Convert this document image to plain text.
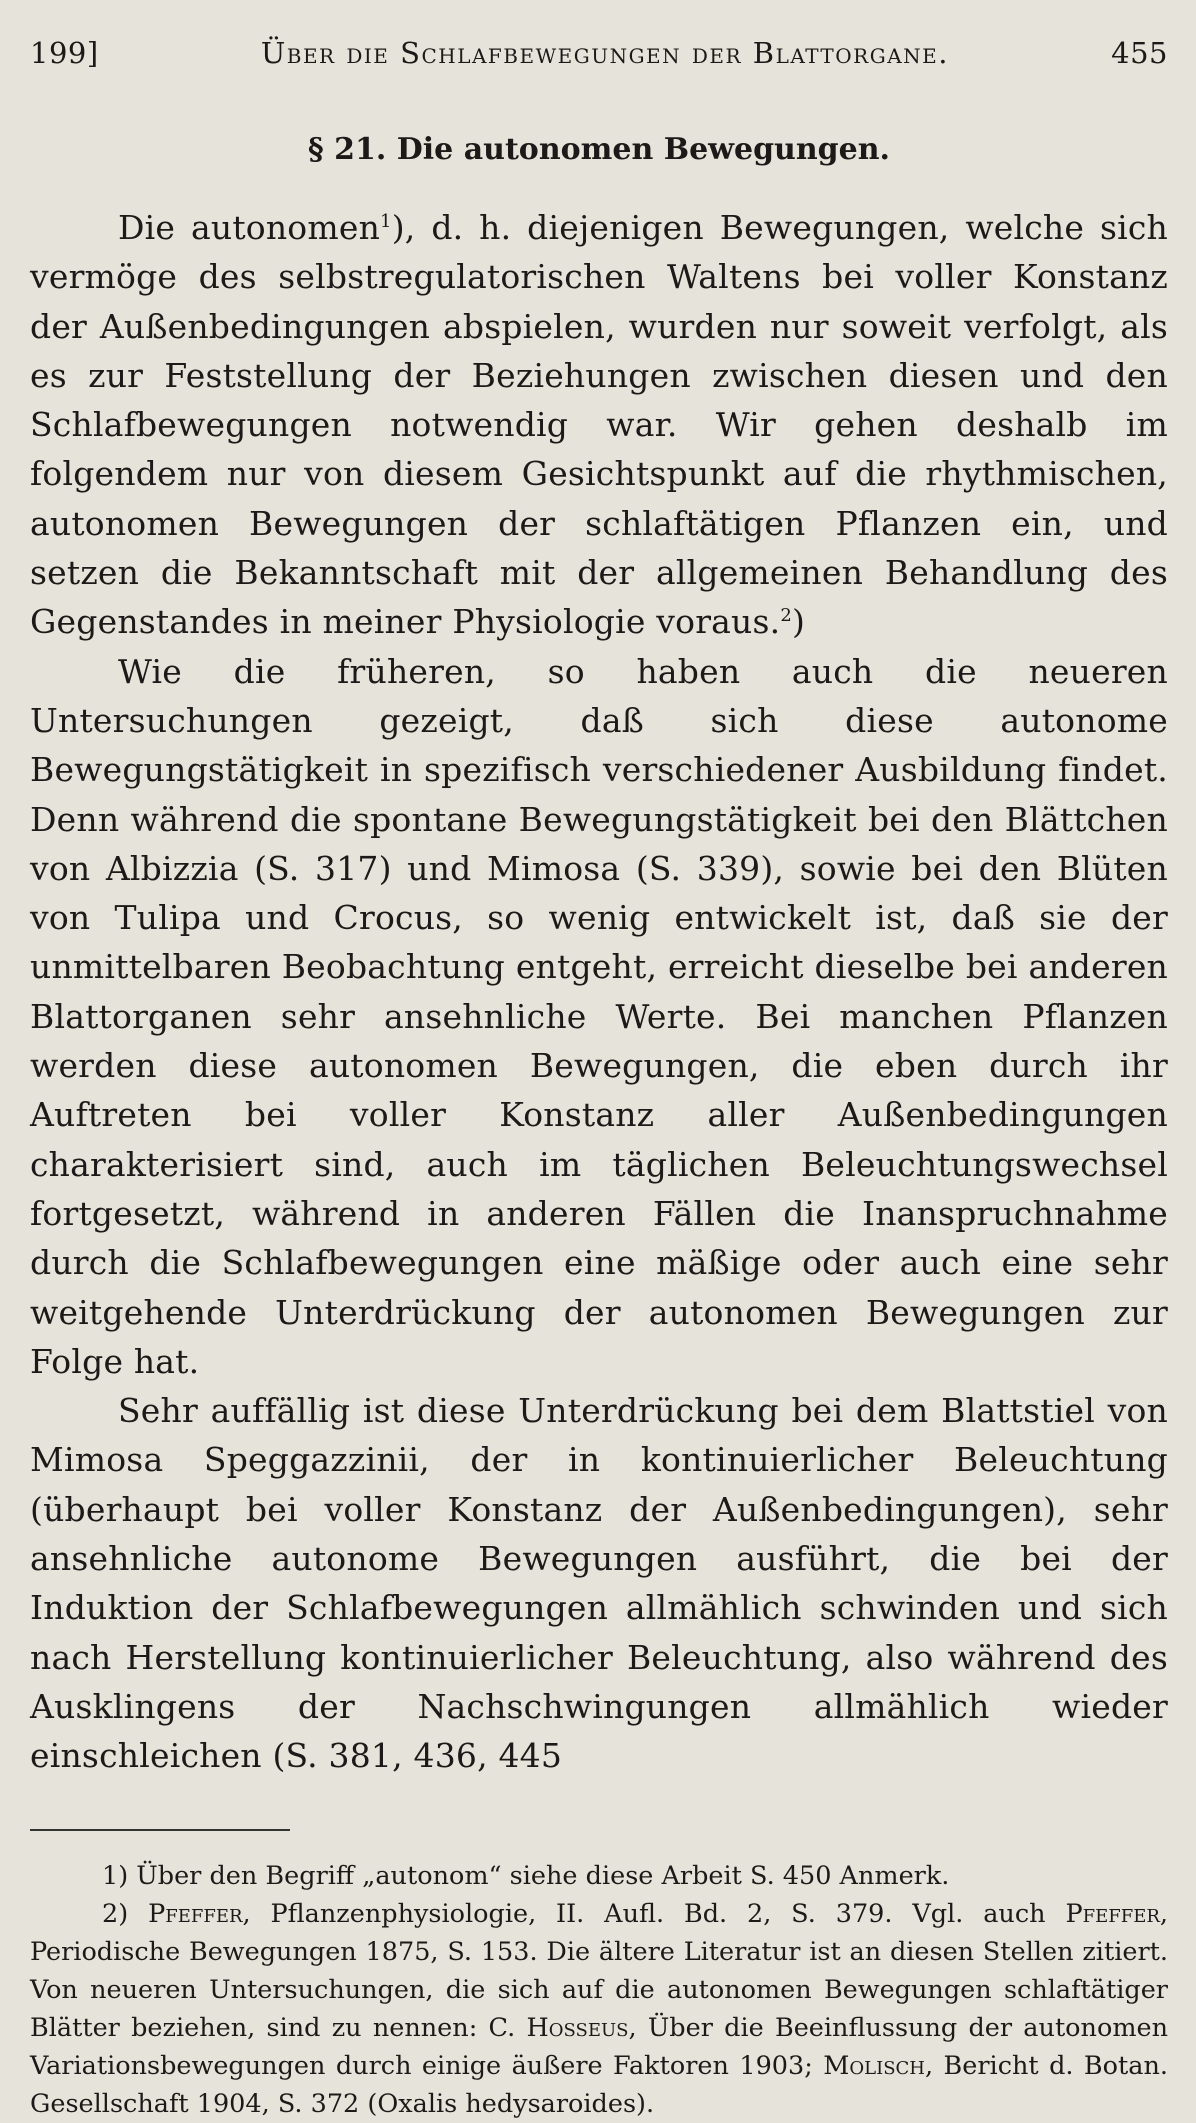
199]	Über die Schlafbewegungen der Blattorgane.	455
§ 21. Die autonomen Bewegungen.

Die autonomen$^1$), d. h. diejenigen Bewegungen, welche sich vermöge des selbstregulatorischen Waltens bei voller Konstanz der Außenbedingungen abspielen, wurden nur soweit verfolgt, als es zur Feststellung der Beziehungen zwischen diesen und den Schlafbewegungen notwendig war. Wir gehen deshalb im folgendem nur von diesem Gesichtspunkt auf die rhythmischen, autonomen Bewegungen der schlaftätigen Pflanzen ein, und setzen die Bekanntschaft mit der allgemeinen Behandlung des Gegenstandes in meiner Physiologie voraus.$^2$)

Wie die früheren, so haben auch die neueren Untersuchungen gezeigt, daß sich diese autonome Bewegungstätigkeit in spezifisch verschiedener Ausbildung findet. Denn während die spontane Bewegungstätigkeit bei den Blättchen von Albizzia (S. 317) und Mimosa (S. 339), sowie bei den Blüten von Tulipa und Crocus, so wenig entwickelt ist, daß sie der unmittelbaren Beobachtung entgeht, erreicht dieselbe bei anderen Blattorganen sehr ansehnliche Werte. Bei manchen Pflanzen werden diese autonomen Bewegungen, die eben durch ihr Auftreten bei voller Konstanz aller Außenbedingungen charakterisiert sind, auch im täglichen Beleuchtungswechsel fortgesetzt, während in anderen Fällen die Inanspruchnahme durch die Schlafbewegungen eine mäßige oder auch eine sehr weitgehende Unterdrückung der autonomen Bewegungen zur Folge hat.

Sehr auffällig ist diese Unterdrückung bei dem Blattstiel von Mimosa Speggazzinii, der in kontinuierlicher Beleuchtung (überhaupt bei voller Konstanz der Außenbedingungen), sehr ansehnliche autonome Bewegungen ausführt, die bei der Induktion der Schlafbewegungen allmählich schwinden und sich nach Herstellung kontinuierlicher Beleuchtung, also während des Ausklingens der Nachschwingungen allmählich wieder einschleichen (S. 381, 436, 445

1) Über den Begriff „autonom“ siehe diese Arbeit S. 450 Anmerk.

2) Pfeffer, Pflanzenphysiologie, II. Aufl. Bd. 2, S. 379. Vgl. auch Pfeffer, Periodische Bewegungen 1875, S. 153. Die ältere Literatur ist an diesen Stellen zitiert. Von neueren Untersuchungen, die sich auf die autonomen Bewegungen schlaftätiger Blätter beziehen, sind zu nennen: C. Hosseus, Über die Beeinflussung der autonomen Variationsbewegungen durch einige äußere Faktoren 1903; Molisch, Bericht d. Botan. Gesellschaft 1904, S. 372 (Oxalis hedysaroides).
